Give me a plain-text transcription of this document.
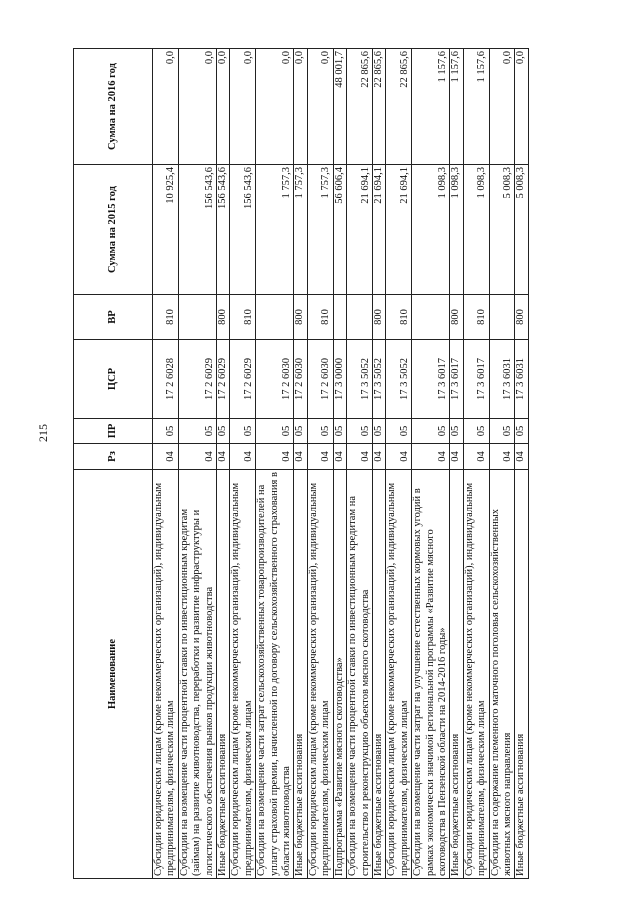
215
Наименование	Рз	ПР	ЦСР	ВР	Сумма на 2015 год	Сумма на 2016 год
Субсидии юридическим лицам (кроме некоммерческих организаций), индивидуальным предпринимателям, физическим лицам	04	05	17 2 6028	810	10 925,4	0,0
Субсидии на возмещение части процентной ставки по инвестиционным кредитам (займам) на развитие животноводства, переработки и развитие инфраструктуры и логистического обеспечения рынков продукции животноводства	04	05	17 2 6029		156 543,6	0,0
Иные бюджетные ассигнования	04	05	17 2 6029	800	156 543,6	0,0
Субсидии юридическим лицам (кроме некоммерческих организаций), индивидуальным предпринимателям, физическим лицам	04	05	17 2 6029	810	156 543,6	0,0
Субсидии на возмещение части затрат сельскохозяйственных товаропроизводителей на уплату страховой премии, начисленной по договору сельскохозяйственного страхования в области животноводства	04	05	17 2 6030		1 757,3	0,0
Иные бюджетные ассигнования	04	05	17 2 6030	800	1 757,3	0,0
Субсидии юридическим лицам (кроме некоммерческих организаций), индивидуальным предпринимателям, физическим лицам	04	05	17 2 6030	810	1 757,3	0,0
Подпрограмма «Развитие мясного скотоводства»	04	05	17 3 0000		56 606,4	48 001,7
Субсидии на возмещение части процентной ставки по инвестиционным кредитам на строительство и реконструкцию объектов мясного скотоводства	04	05	17 3 5052		21 694,1	22 865,6
Иные бюджетные ассигнования	04	05	17 3 5052	800	21 694,1	22 865,6
Субсидии юридическим лицам (кроме некоммерческих организаций), индивидуальным предпринимателям, физическим лицам	04	05	17 3 5052	810	21 694,1	22 865,6
Субсидии на возмещение части затрат на улучшение естественных кормовых угодий в рамках экономически значимой региональной программы «Развитие мясного скотоводства в Пензенской области на 2014-2016 годы»	04	05	17 3 6017		1 098,3	1 157,6
Иные бюджетные ассигнования	04	05	17 3 6017	800	1 098,3	1 157,6
Субсидии юридическим лицам (кроме некоммерческих организаций), индивидуальным предпринимателям, физическим лицам	04	05	17 3 6017	810	1 098,3	1 157,6
Субсидии на содержание племенного маточного поголовья сельскохозяйственных животных мясного направления	04	05	17 3 6031		5 008,3	0,0
Иные бюджетные ассигнования	04	05	17 3 6031	800	5 008,3	0,0
